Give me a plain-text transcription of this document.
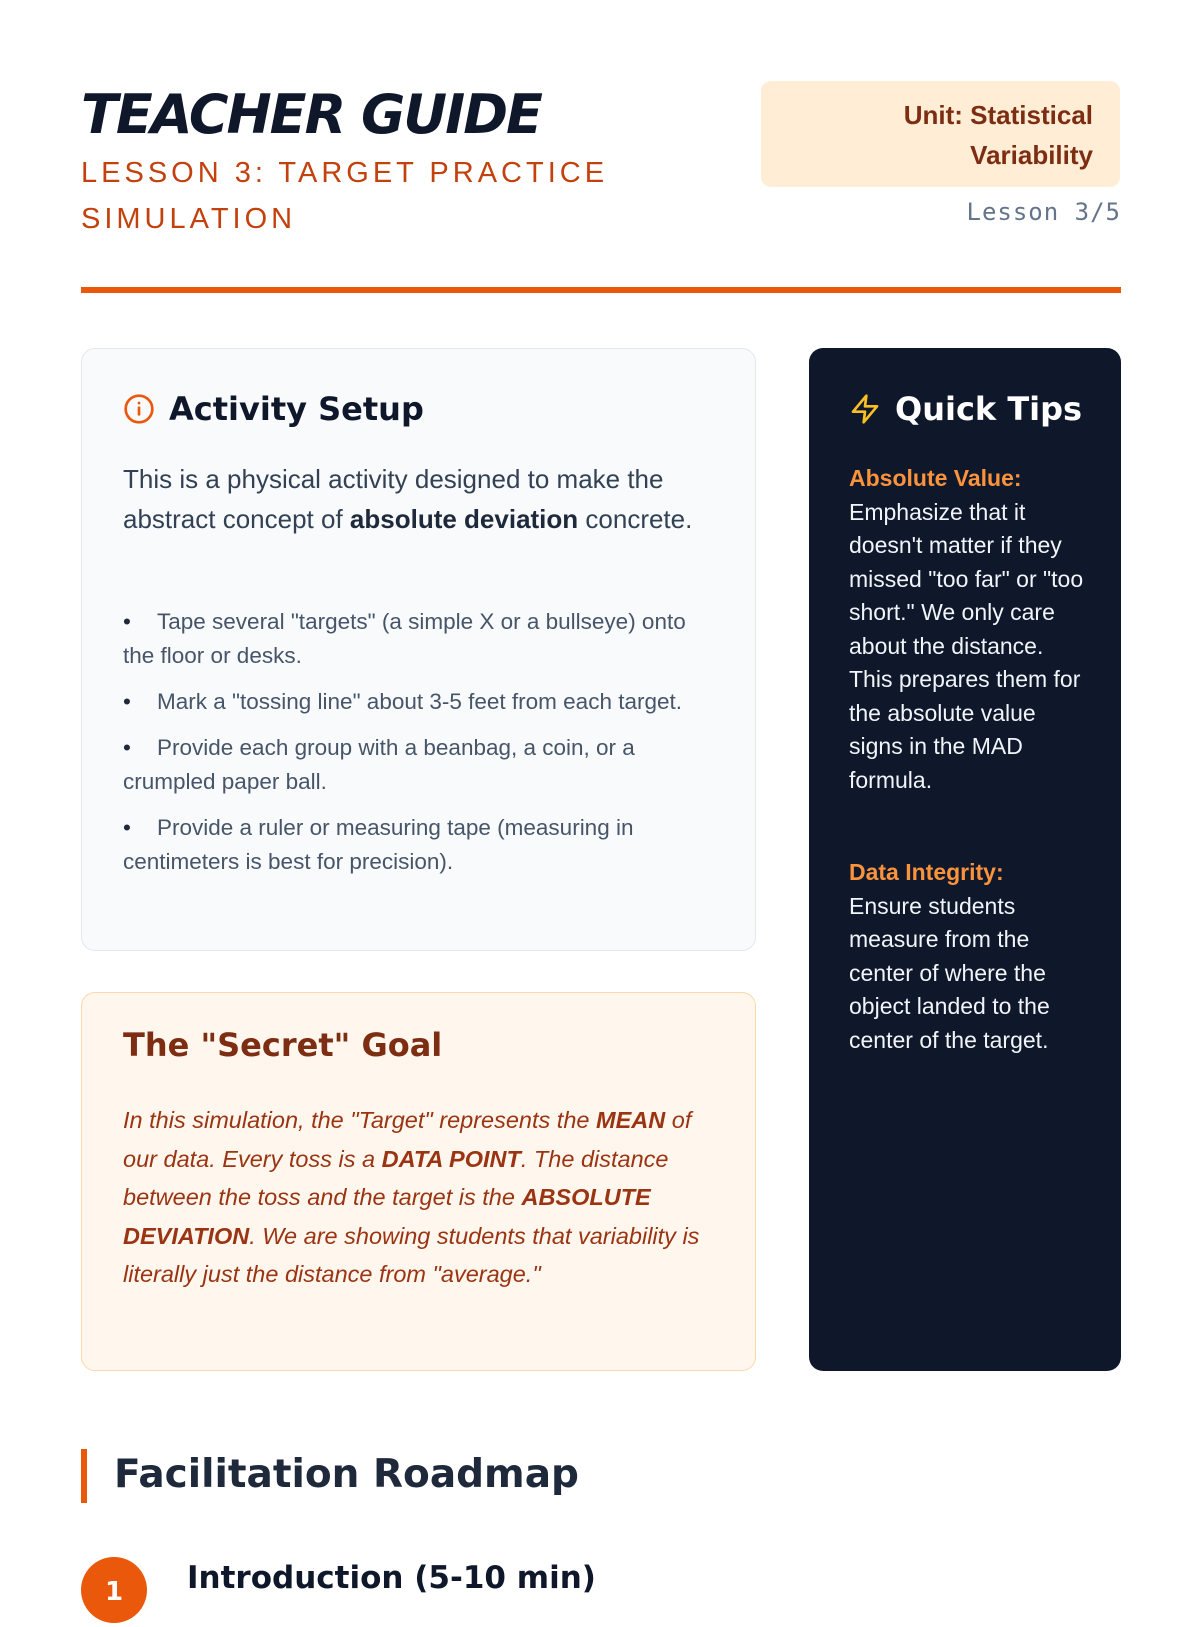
TEACHER GUIDE

LESSON 3: TARGET PRACTICE SIMULATION

Unit: Statistical Variability
Lesson 3/5
Activity Setup

This is a physical activity designed to make the abstract concept of absolute deviation concrete.

• Tape several "targets" (a simple X or a bullseye) onto the floor or desks.
• Mark a "tossing line" about 3-5 feet from each target.
• Provide each group with a beanbag, a coin, or a crumpled paper ball.
• Provide a ruler or measuring tape (measuring in centimeters is best for precision).
The "Secret" Goal

In this simulation, the "Target" represents the MEAN of our data. Every toss is a DATA POINT. The distance between the toss and the target is the ABSOLUTE DEVIATION. We are showing students that variability is literally just the distance from "average."

Quick Tips
Absolute Value:
Emphasize that it doesn't matter if they missed "too far" or "too short." We only care about the distance. This prepares them for the absolute value signs in the MAD formula.
Data Integrity:
Ensure students measure from the center of where the object landed to the center of the target.
Facilitation Roadmap
1	Introduction (5-10 min)
